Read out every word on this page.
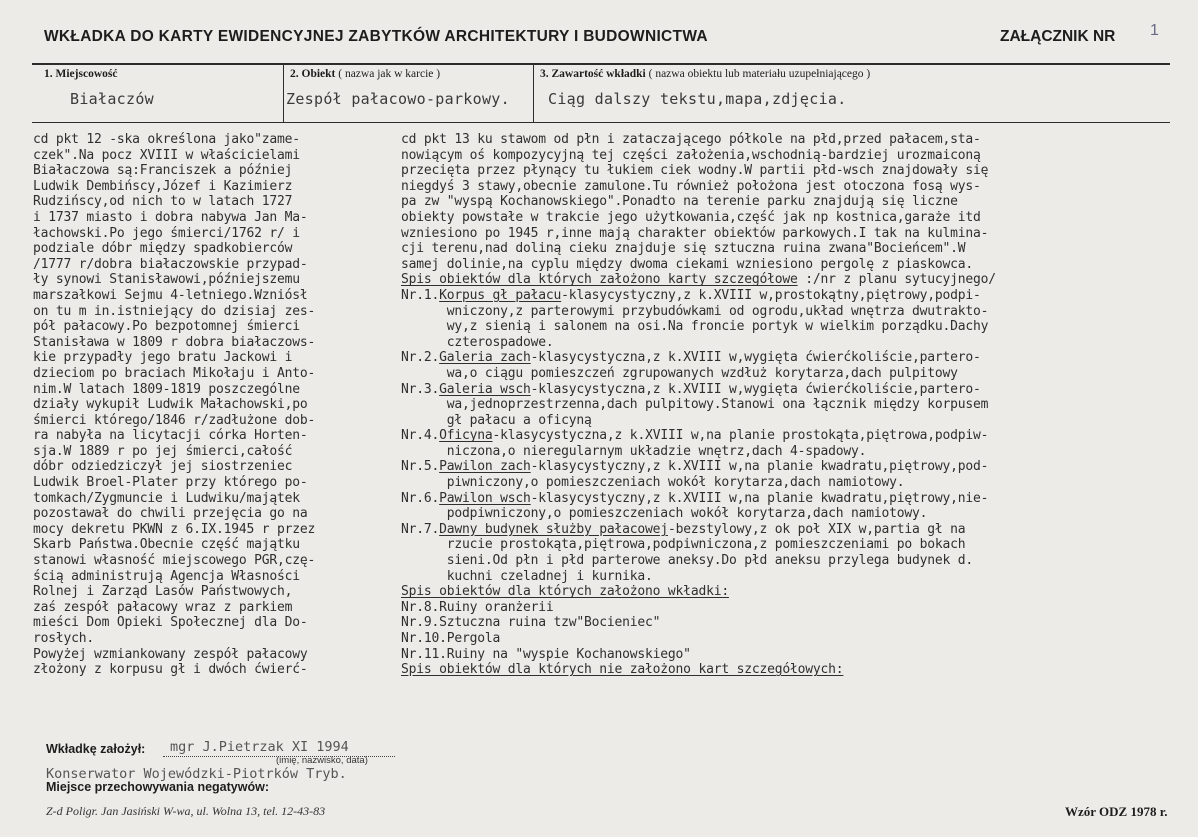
WKŁADKA DO KARTY EWIDENCYJNEJ ZABYTKÓW ARCHITEKTURY I BUDOWNICTWA	ZAŁĄCZNIK NR 1
1. Miejscowość
Białaczów
2. Obiekt ( nazwa jak w karcie )
Zespół pałacowo-parkowy.
3. Zawartość wkładki ( nazwa obiektu lub materiału uzupełniającego )
Ciąg dalszy tekstu,mapa,zdjęcia.
cd pkt 12 -ska określona jako"zame-
czek".Na pocz XVIII w właścicielami
Białaczowa są:Franciszek a później
Ludwik Dembińscy,Józef i Kazimierz
Rudzińscy,od nich to w latach 1727
i 1737 miasto i dobra nabywa Jan Ma-
łachowski.Po jego śmierci/1762 r/ i
podziale dóbr między spadkobierców
/1777 r/dobra białaczowskie przypad-
ły synowi Stanisławowi,późniejszemu
marszałkowi Sejmu 4-letniego.Wzniósł
on tu m in.istniejący do dzisiaj zes-
pół pałacowy.Po bezpotomnej śmierci
Stanisława w 1809 r dobra białaczows-
kie przypadły jego bratu Jackowi i
dzieciom po braciach Mikołaju i Anto-
nim.W latach 1809-1819 poszczególne
działy wykupił Ludwik Małachowski,po
śmierci którego/1846 r/zadłużone dob-
ra nabyła na licytacji córka Horten-
sja.W 1889 r po jej śmierci,całość
dóbr odziedziczył jej siostrzeniec
Ludwik Broel-Plater przy którego po-
tomkach/Zygmuncie i Ludwiku/majątek
pozostawał do chwili przejęcia go na
mocy dekretu PKWN z 6.IX.1945 r przez
Skarb Państwa.Obecnie część majątku
stanowi własność miejscowego PGR,czę-
ścią administrują Agencja Własności
Rolnej i Zarząd Lasów Państwowych,
zaś zespół pałacowy wraz z parkiem
mieści Dom Opieki Społecznej dla Do-
rosłych.
Powyżej wzmiankowany zespół pałacowy
złożony z korpusu gł i dwóch ćwierć-
cd pkt 13 ku stawom od płn i zataczającego półkole na płd,przed pałacem,sta-
nowiącym oś kompozycyjną tej części założenia,wschodnią-bardziej urozmaiconą
przecięta przez płynący tu łukiem ciek wodny.W partii płd-wsch znajdowały się
niegdyś 3 stawy,obecnie zamulone.Tu również położona jest otoczona fosą wys-
pa zw "wyspą Kochanowskiego".Ponadto na terenie parku znajdują się liczne
obiekty powstałe w trakcie jego użytkowania,część jak np kostnica,garaże itd
wzniesiono po 1945 r,inne mają charakter obiektów parkowych.I tak na kulmina-
cji terenu,nad doliną cieku znajduje się sztuczna ruina zwana"Bocieńcem".W
samej dolinie,na cyplu między dwoma ciekami wzniesiono pergolę z piaskowca.
Spis obiektów dla których założono karty szczegółowe :/nr z planu sytucyjnego/
Nr.1.Korpus gł pałacu-klasycystyczny,z k.XVIII w,prostokątny,piętrowy,podpi-
wniczony,z parterowymi przybudówkami od ogrodu,układ wnętrza dwutrakto-
wy,z sienią i salonem na osi.Na froncie portyk w wielkim porządku.Dachy
czterospadowe.
Nr.2.Galeria zach-klasycystyczna,z k.XVIII w,wygięta ćwierćkoliście,partero-
wa,o ciągu pomieszczeń zgrupowanych wzdłuż korytarza,dach pulpitowy
Nr.3.Galeria wsch-klasycystyczna,z k.XVIII w,wygięta ćwierćkoliście,partero-
wa,jednoprzestrzenna,dach pulpitowy.Stanowi ona łącznik między korpusem
gł pałacu a oficyną
Nr.4.Oficyna-klasycystyczna,z k.XVIII w,na planie prostokąta,piętrowa,podpiw-
niczona,o nieregularnym układzie wnętrz,dach 4-spadowy.
Nr.5.Pawilon zach-klasycystyczny,z k.XVIII w,na planie kwadratu,piętrowy,pod-
piwniczony,o pomieszczeniach wokół korytarza,dach namiotowy.
Nr.6.Pawilon wsch-klasycystyczny,z k.XVIII w,na planie kwadratu,piętrowy,nie-
podpiwniczony,o pomieszczeniach wokół korytarza,dach namiotowy.
Nr.7.Dawny budynek służby pałacowej-bezstylowy,z ok poł XIX w,partia gł na
rzucie prostokąta,piętrowa,podpiwniczona,z pomieszczeniami po bokach
sieni.Od płn i płd parterowe aneksy.Do płd aneksu przylega budynek d.
kuchni czeladnej i kurnika.
Spis obiektów dla których założono wkładki:
Nr.8.Ruiny oranżerii
Nr.9.Sztuczna ruina tzw"Bocieniec"
Nr.10.Pergola
Nr.11.Ruiny na "wyspie Kochanowskiego"
Spis obiektów dla których nie założono kart szczegółowych:
Wkładkę założył: mgr J.Pietrzak XI 1994
(imię, nazwisko, data)
Konserwator Wojewódzki-Piotrków Tryb.
Miejsce przechowywania negatywów:
Z-d Poligr. Jan Jasiński W-wa, ul. Wolna 13, tel. 12-43-83	Wzór ODZ 1978 r.
